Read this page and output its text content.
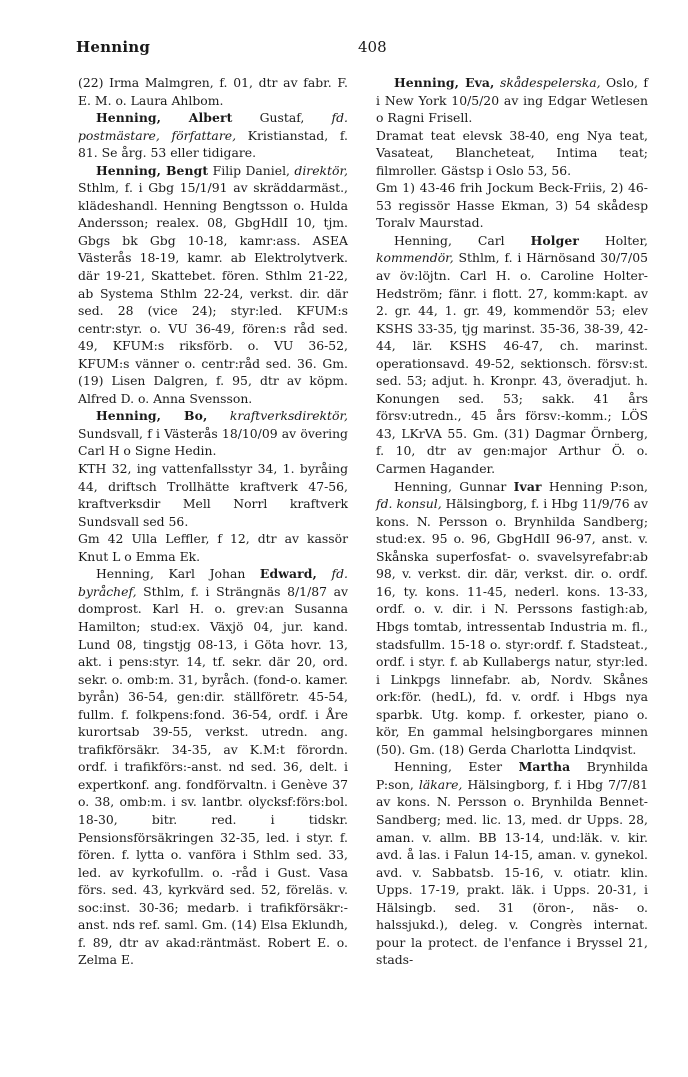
Henning	408

(22) Irma Malmgren, f. 01, dtr av fabr. F. E. M. o. Laura Ahlbom.

Henning, Albert Gustaf, fd. postmästare, författare, Kristianstad, f. 81. Se årg. 53 eller tidigare.

Henning, Bengt Filip Daniel, direktör, Sthlm, f. i Gbg 15/1/91 av skräddarmäst., klädeshandl. Henning Bengtsson o. Hulda Andersson; realex. 08, GbgHdlI 10, tjm. Gbgs bk Gbg 10-18, kamr:ass. ASEA Västerås 18-19, kamr. ab Elektrolytverk. där 19-21, Skattebet. fören. Sthlm 21-22, ab Systema Sthlm 22-24, verkst. dir. där sed. 28 (vice 24); styr:led. KFUM:s centr:styr. o. VU 36-49, fören:s råd sed. 49, KFUM:s riksförb. o. VU 36-52, KFUM:s vänner o. centr:råd sed. 36. Gm. (19) Lisen Dalgren, f. 95, dtr av köpm. Alfred D. o. Anna Svensson.

Henning, Bo, kraftverksdirektör, Sundsvall, f i Västerås 18/10/09 av övering Carl H o Signe Hedin.

KTH 32, ing vattenfallsstyr 34, 1. byråing 44, driftsch Trollhätte kraftverk 47-56, kraftverksdir Mell Norrl kraftverk Sundsvall sed 56.

Gm 42 Ulla Leffler, f 12, dtr av kassör Knut L o Emma Ek.

Henning, Karl Johan Edward, fd. byråchef, Sthlm, f. i Strängnäs 8/1/87 av domprost. Karl H. o. grev:an Susanna Hamilton; stud:ex. Växjö 04, jur. kand. Lund 08, tingstjg 08-13, i Göta hovr. 13, akt. i pens:styr. 14, tf. sekr. där 20, ord. sekr. o. omb:m. 31, byråch. (fond-o. kamer. byrån) 36-54, gen:dir. ställföretr. 45-54, fullm. f. folkpens:fond. 36-54, ordf. i Åre kurortsab 39-55, verkst. utredn. ang. trafikförsäkr. 34-35, av K.M:t förordn. ordf. i trafikförs:-anst. nd sed. 36, delt. i expertkonf. ang. fondförvaltn. i Genève 37 o. 38, omb:m. i sv. lantbr. olycksf:förs:bol. 18-30, bitr. red. i tidskr. Pensionsförsäkringen 32-35, led. i styr. f. fören. f. lytta o. vanföra i Sthlm sed. 33, led. av kyrkofullm. o. -råd i Gust. Vasa förs. sed. 43, kyrkvärd sed. 52, föreläs. v. soc:inst. 30-36; medarb. i trafikförsäkr:-anst. nds ref. saml. Gm. (14) Elsa Eklundh, f. 89, dtr av akad:räntmäst. Robert E. o. Zelma E.

Henning, Eva, skådespelerska, Oslo, f i New York 10/5/20 av ing Edgar Wetlesen o Ragni Frisell.

Dramat teat elevsk 38-40, eng Nya teat, Vasateat, Blancheteat, Intima teat; filmroller. Gästsp i Oslo 53, 56.

Gm 1) 43-46 frih Jockum Beck-Friis, 2) 46-53 regissör Hasse Ekman, 3) 54 skådesp Toralv Maurstad.

Henning, Carl Holger Holter, kommendör, Sthlm, f. i Härnösand 30/7/05 av öv:löjtn. Carl H. o. Caroline Holter-Hedström; fänr. i flott. 27, komm:kapt. av 2. gr. 44, 1. gr. 49, kommendör 53; elev KSHS 33-35, tjg marinst. 35-36, 38-39, 42-44, lär. KSHS 46-47, ch. marinst. operationsavd. 49-52, sektionsch. försv:st. sed. 53; adjut. h. Kronpr. 43, överadjut. h. Konungen sed. 53; sakk. 41 års försv:utredn., 45 års försv:-komm.; LÖS 43, LKrVA 55. Gm. (31) Dagmar Örnberg, f. 10, dtr av gen:major Arthur Ö. o. Carmen Hagander.

Henning, Gunnar Ivar Henning P:son, fd. konsul, Hälsingborg, f. i Hbg 11/9/76 av kons. N. Persson o. Brynhilda Sandberg; stud:ex. 95 o. 96, GbgHdlI 96-97, anst. v. Skånska superfosfat- o. svavelsyrefabr:ab 98, v. verkst. dir. där, verkst. dir. o. ordf. 16, ty. kons. 11-45, nederl. kons. 13-33, ordf. o. v. dir. i N. Perssons fastigh:ab, Hbgs tomtab, intressentab Industria m. fl., stadsfullm. 15-18 o. styr:ordf. f. Stadsteat., ordf. i styr. f. ab Kullabergs natur, styr:led. i Linkpgs linnefabr. ab, Nordv. Skånes ork:för. (hedL), fd. v. ordf. i Hbgs nya sparbk. Utg. komp. f. orkester, piano o. kör, En gammal helsingborgares minnen (50). Gm. (18) Gerda Charlotta Lindqvist.

Henning, Ester Martha Brynhilda P:son, läkare, Hälsingborg, f. i Hbg 7/7/81 av kons. N. Persson o. Brynhilda Bennet-Sandberg; med. lic. 13, med. dr Upps. 28, aman. v. allm. BB 13-14, und:läk. v. kir. avd. å las. i Falun 14-15, aman. v. gynekol. avd. v. Sabbatsb. 15-16, v. otiatr. klin. Upps. 17-19, prakt. läk. i Upps. 20-31, i Hälsingb. sed. 31 (öron-, näs- o. halssjukd.), deleg. v. Congrès internat. pour la protect. de l'enfance i Bryssel 21, stads-
